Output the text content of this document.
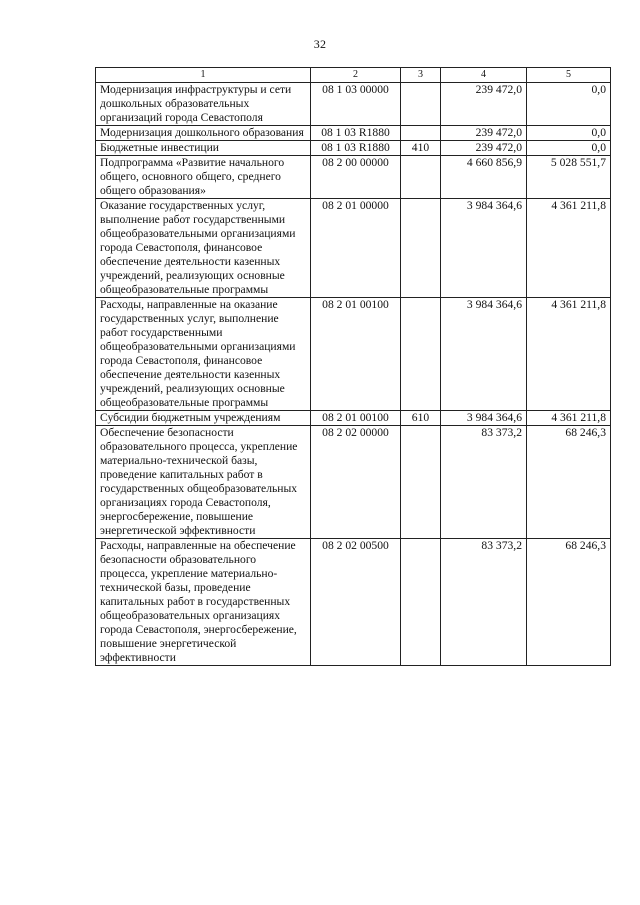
32
1	2	3	4	5
Модернизация инфраструктуры и сети дошкольных образовательных организаций города Севастополя	08 1 03 00000		239 472,0	0,0
Модернизация дошкольного образования	08 1 03 R1880		239 472,0	0,0
Бюджетные инвестиции	08 1 03 R1880	410	239 472,0	0,0
Подпрограмма «Развитие начального общего, основного общего, среднего общего образования»	08 2 00 00000		4 660 856,9	5 028 551,7
Оказание государственных услуг, выполнение работ государственными общеобразовательными организациями города Севастополя, финансовое обеспечение деятельности казенных учреждений, реализующих основные общеобразовательные программы	08 2 01 00000		3 984 364,6	4 361 211,8
Расходы, направленные на оказание государственных услуг, выполнение работ государственными общеобразовательными организациями города Севастополя, финансовое обеспечение деятельности казенных учреждений, реализующих основные общеобразовательные программы	08 2 01 00100		3 984 364,6	4 361 211,8
Субсидии бюджетным учреждениям	08 2 01 00100	610	3 984 364,6	4 361 211,8
Обеспечение безопасности образовательного процесса, укрепление материально-технической базы, проведение капитальных работ в государственных общеобразовательных организациях города Севастополя, энергосбережение, повышение энергетической эффективности	08 2 02 00000		83 373,2	68 246,3
Расходы, направленные на обеспечение безопасности образовательного процесса, укрепление материально-технической базы, проведение капитальных работ в государственных общеобразовательных организациях города Севастополя, энергосбережение, повышение энергетической эффективности	08 2 02 00500		83 373,2	68 246,3
